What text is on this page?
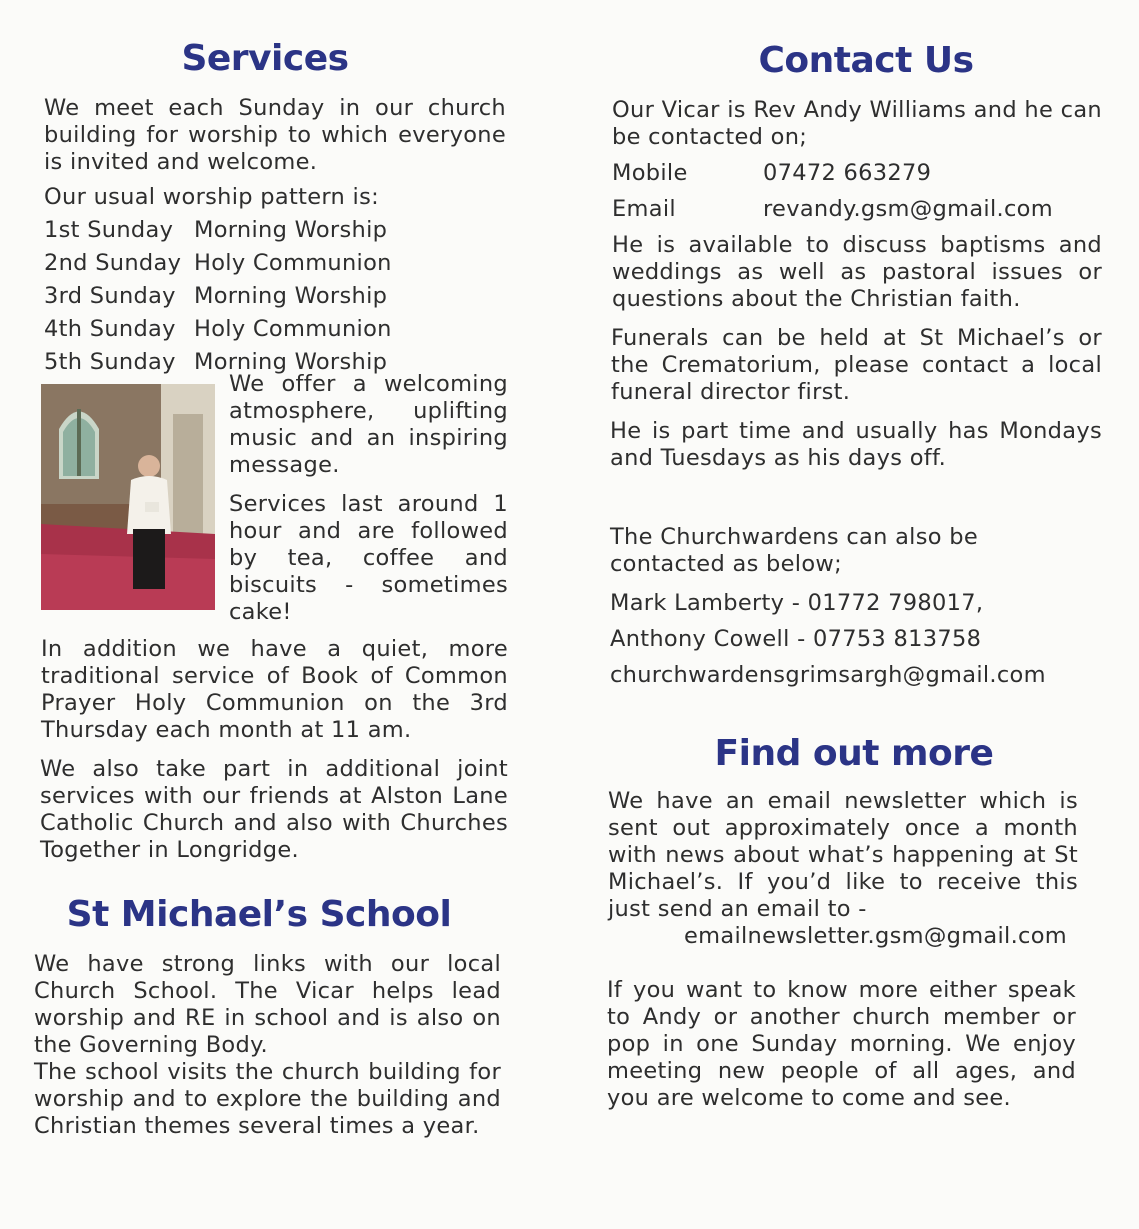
Services

We meet each Sunday in our church building for worship to which everyone is invited and welcome.

Our usual worship pattern is:

1st Sunday Morning Worship
2nd Sunday Holy Communion
3rd Sunday Morning Worship
4th Sunday Holy Communion
5th Sunday Morning Worship

We offer a welcoming atmosphere, uplifting music and an inspiring message.

Services last around 1 hour and are followed by tea, coffee and biscuits - sometimes cake!

In addition we have a quiet, more traditional service of Book of Common Prayer Holy Communion on the 3rd Thursday each month at 11 am.

We also take part in additional joint services with our friends at Alston Lane Catholic Church and also with Churches Together in Longridge.

St Michael’s School

We have strong links with our local Church School. The Vicar helps lead worship and RE in school and is also on the Governing Body.

The school visits the church building for worship and to explore the building and Christian themes several times a year.

Contact Us

Our Vicar is Rev Andy Williams and he can be contacted on;

Mobile	07472 663279
Email	revandy.gsm@gmail.com

He is available to discuss baptisms and weddings as well as pastoral issues or questions about the Christian faith.

Funerals can be held at St Michael’s or the Crematorium, please contact a local funeral director first.

He is part time and usually has Mondays and Tuesdays as his days off.

The Churchwardens can also be contacted as below;

Mark Lamberty - 01772 798017,
Anthony Cowell - 07753 813758
churchwardensgrimsargh@gmail.com
Find out more

We have an email newsletter which is sent out approximately once a month with news about what’s happening at St Michael’s. If you’d like to receive this just send an email to -

emailnewsletter.gsm@gmail.com

If you want to know more either speak to Andy or another church member or pop in one Sunday morning. We enjoy meeting new people of all ages, and you are welcome to come and see.
